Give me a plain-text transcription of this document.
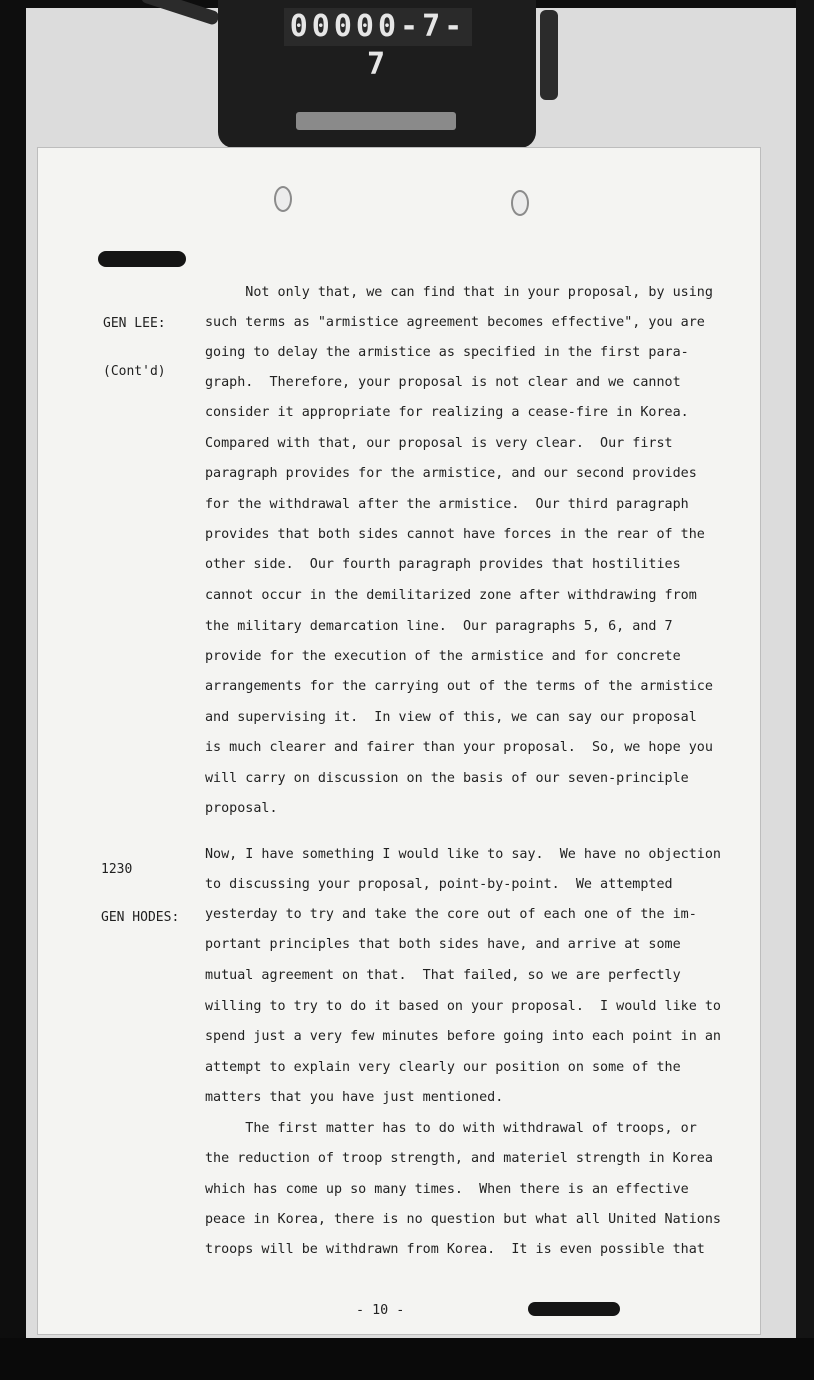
00000-7-7

GEN LEE:

(Cont'd)

1230

GEN HODES:

Not only that, we can find that in your proposal, by using
such terms as "armistice agreement becomes effective", you are
going to delay the armistice as specified in the first para-
graph.  Therefore, your proposal is not clear and we cannot
consider it appropriate for realizing a cease-fire in Korea.
Compared with that, our proposal is very clear.  Our first
paragraph provides for the armistice, and our second provides
for the withdrawal after the armistice.  Our third paragraph
provides that both sides cannot have forces in the rear of the
other side.  Our fourth paragraph provides that hostilities
cannot occur in the demilitarized zone after withdrawing from
the military demarcation line.  Our paragraphs 5, 6, and 7
provide for the execution of the armistice and for concrete
arrangements for the carrying out of the terms of the armistice
and supervising it.  In view of this, we can say our proposal
is much clearer and fairer than your proposal.  So, we hope you
will carry on discussion on the basis of our seven-principle
proposal.
Now, I have something I would like to say.  We have no objection
to discussing your proposal, point-by-point.  We attempted
yesterday to try and take the core out of each one of the im-
portant principles that both sides have, and arrive at some
mutual agreement on that.  That failed, so we are perfectly
willing to try to do it based on your proposal.  I would like to
spend just a very few minutes before going into each point in an
attempt to explain very clearly our position on some of the
matters that you have just mentioned.
The first matter has to do with withdrawal of troops, or
the reduction of troop strength, and materiel strength in Korea
which has come up so many times.  When there is an effective
peace in Korea, there is no question but what all United Nations
troops will be withdrawn from Korea.  It is even possible that
- 10 -
